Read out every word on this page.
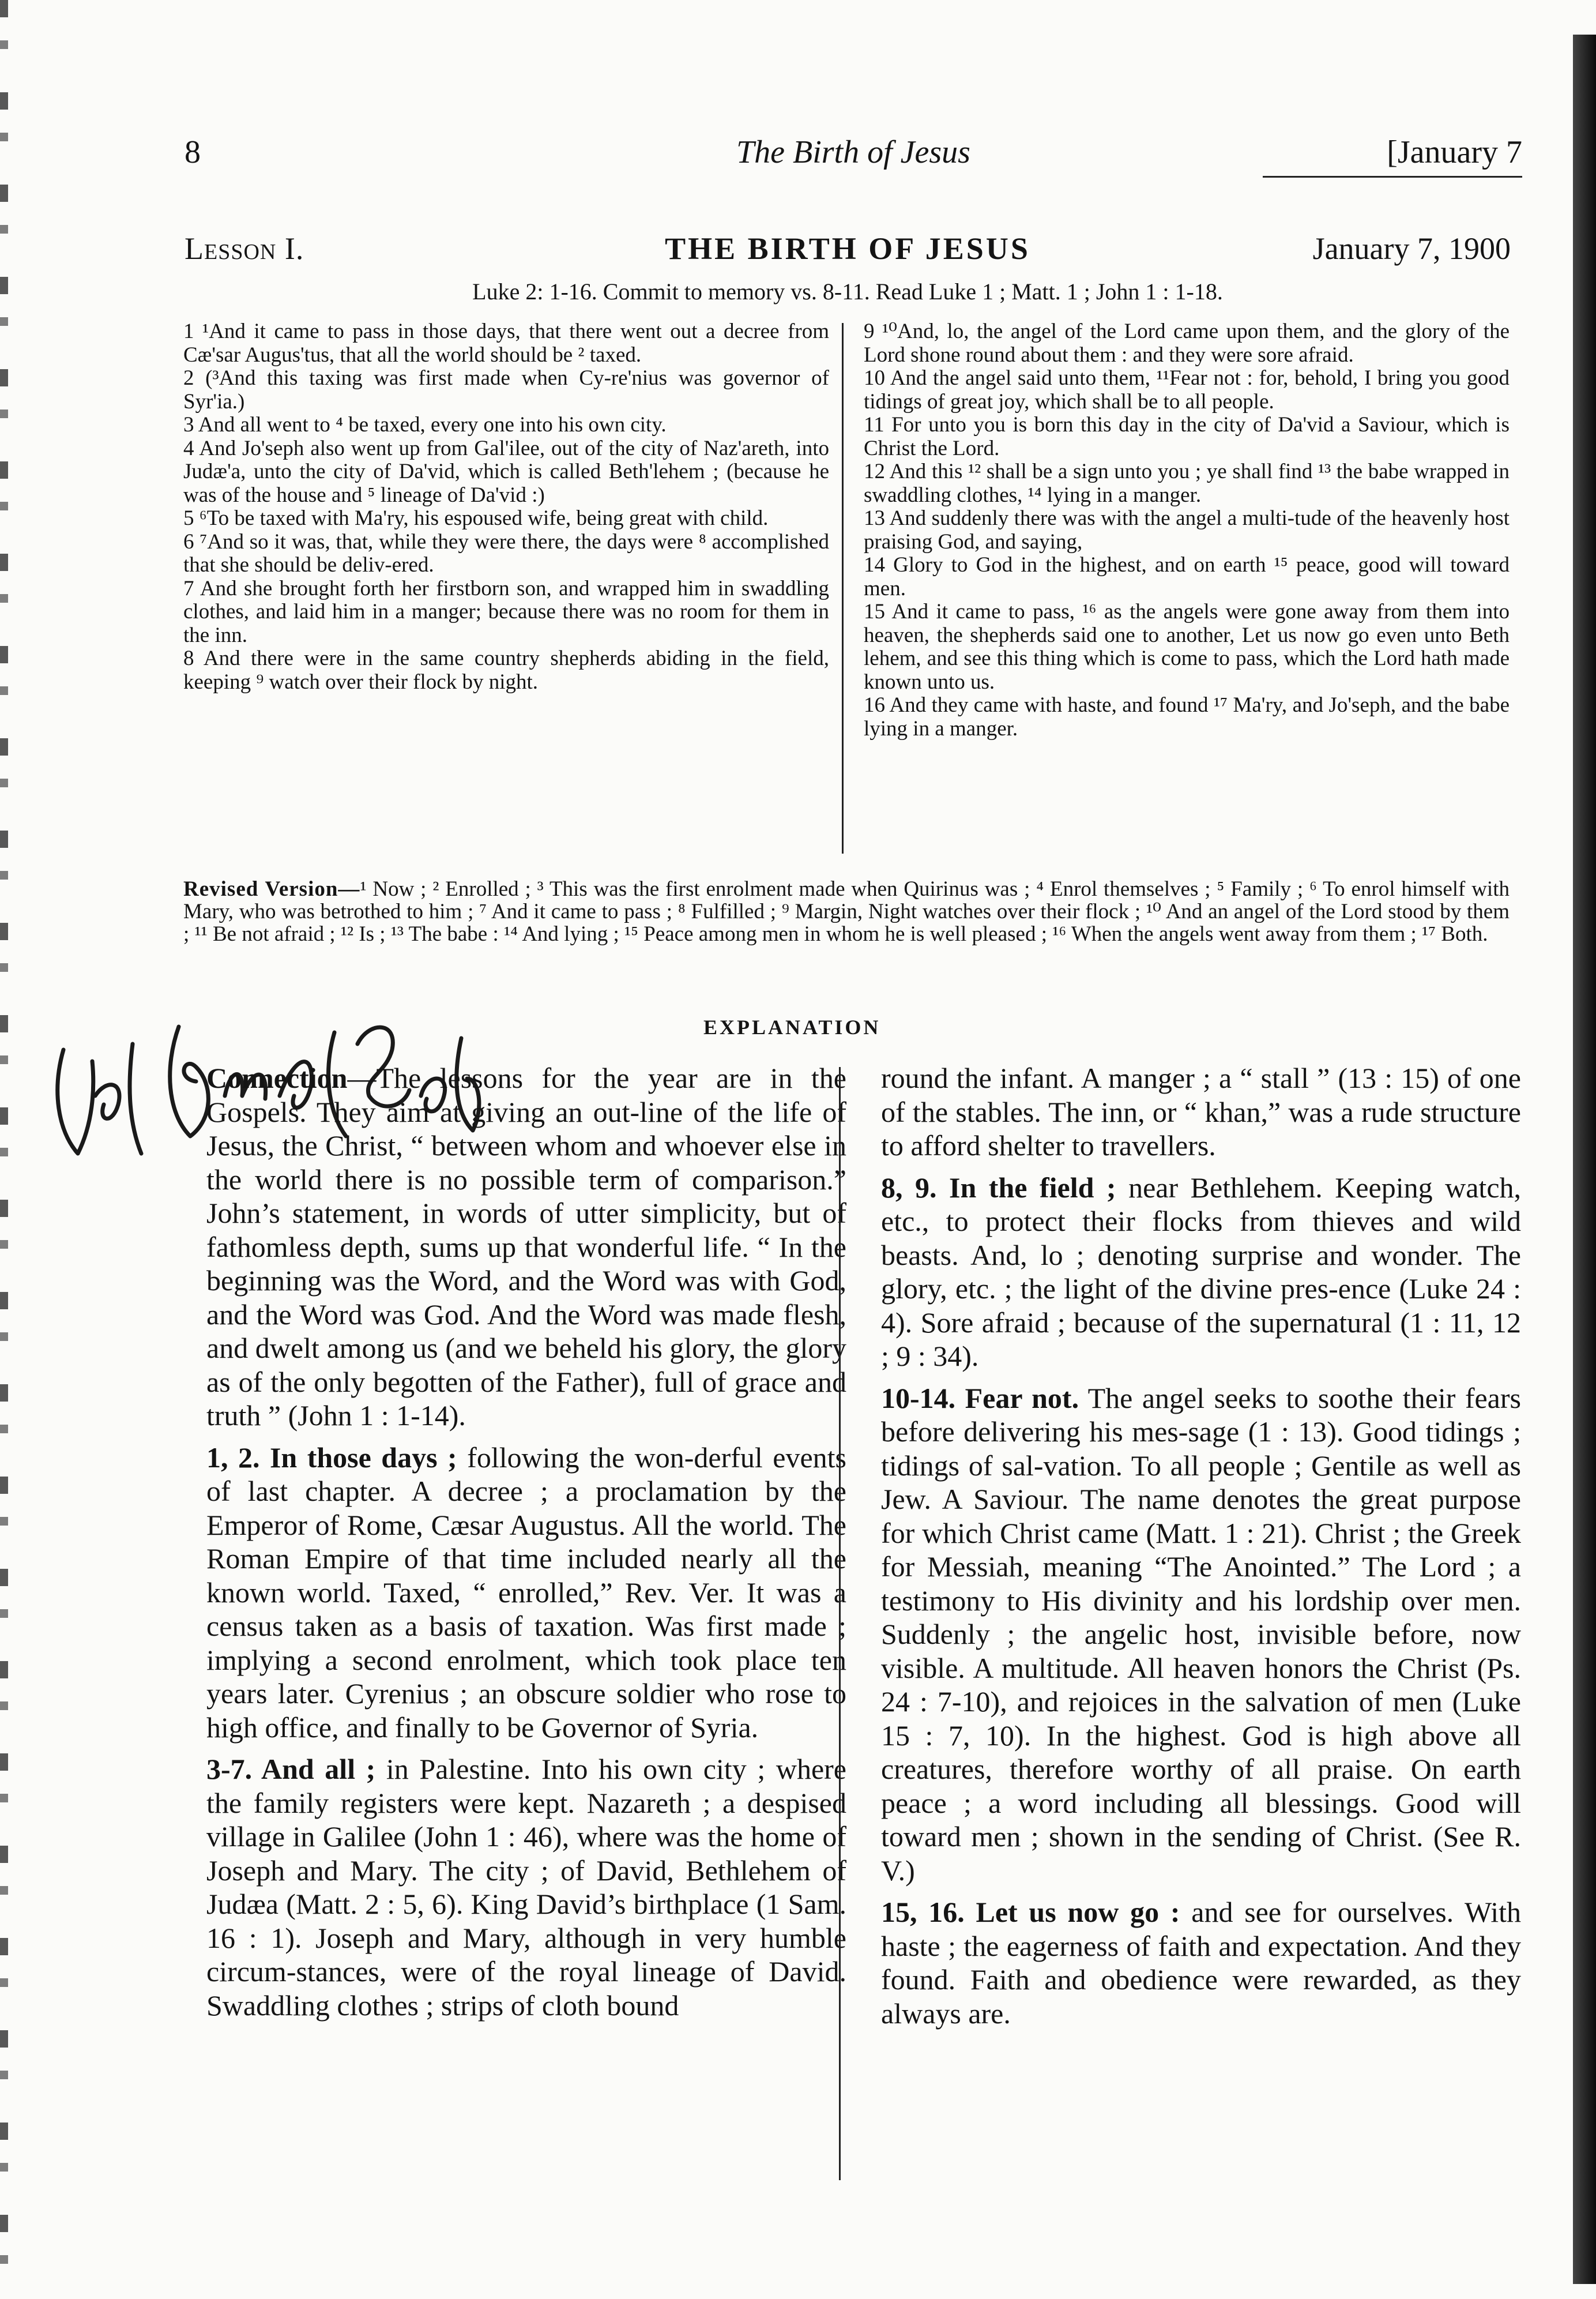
8	The Birth of Jesus	[January 7
Lesson I.	THE BIRTH OF JESUS	January 7, 1900
Luke 2: 1-16. Commit to memory vs. 8-11. Read Luke 1 ; Matt. 1 ; John 1 : 1-18.

1 ¹And it came to pass in those days, that there went out a decree from Cæ'sar Augus'tus, that all the world should be ² taxed.

2 (³And this taxing was first made when Cy-re'nius was governor of Syr'ia.)

3 And all went to ⁴ be taxed, every one into his own city.

4 And Jo'seph also went up from Gal'ilee, out of the city of Naz'areth, into Judæ'a, unto the city of Da'vid, which is called Beth'lehem ; (because he was of the house and ⁵ lineage of Da'vid :)

5 ⁶To be taxed with Ma'ry, his espoused wife, being great with child.

6 ⁷And so it was, that, while they were there, the days were ⁸ accomplished that she should be deliv-ered.

7 And she brought forth her firstborn son, and wrapped him in swaddling clothes, and laid him in a manger; because there was no room for them in the inn.

8 And there were in the same country shepherds abiding in the field, keeping ⁹ watch over their flock by night.

9 ¹⁰And, lo, the angel of the Lord came upon them, and the glory of the Lord shone round about them : and they were sore afraid.

10 And the angel said unto them, ¹¹Fear not : for, behold, I bring you good tidings of great joy, which shall be to all people.

11 For unto you is born this day in the city of Da'vid a Saviour, which is Christ the Lord.

12 And this ¹² shall be a sign unto you ; ye shall find ¹³ the babe wrapped in swaddling clothes, ¹⁴ lying in a manger.

13 And suddenly there was with the angel a multi-tude of the heavenly host praising God, and saying,

14 Glory to God in the highest, and on earth ¹⁵ peace, good will toward men.

15 And it came to pass, ¹⁶ as the angels were gone away from them into heaven, the shepherds said one to another, Let us now go even unto Beth lehem, and see this thing which is come to pass, which the Lord hath made known unto us.

16 And they came with haste, and found ¹⁷ Ma'ry, and Jo'seph, and the babe lying in a manger.

Revised Version—¹ Now ; ² Enrolled ; ³ This was the first enrolment made when Quirinus was ; ⁴ Enrol themselves ; ⁵ Family ; ⁶ To enrol himself with Mary, who was betrothed to him ; ⁷ And it came to pass ; ⁸ Fulfilled ; ⁹ Margin, Night watches over their flock ; ¹⁰ And an angel of the Lord stood by them ; ¹¹ Be not afraid ; ¹² Is ; ¹³ The babe : ¹⁴ And lying ; ¹⁵ Peace among men in whom he is well pleased ; ¹⁶ When the angels went away from them ; ¹⁷ Both.
EXPLANATION

Connection—The lessons for the year are in the Gospels. They aim at giving an out-line of the life of Jesus, the Christ, “ between whom and whoever else in the world there is no possible term of comparison.” John’s statement, in words of utter simplicity, but of fathomless depth, sums up that wonderful life. “ In the beginning was the Word, and the Word was with God, and the Word was God. And the Word was made flesh, and dwelt among us (and we beheld his glory, the glory as of the only begotten of the Father), full of grace and truth ” (John 1 : 1-14).

1, 2. In those days ; following the won-derful events of last chapter. A decree ; a proclamation by the Emperor of Rome, Cæsar Augustus. All the world. The Roman Empire of that time included nearly all the known world. Taxed, “ enrolled,” Rev. Ver. It was a census taken as a basis of taxation. Was first made ; implying a second enrolment, which took place ten years later. Cyrenius ; an obscure soldier who rose to high office, and finally to be Governor of Syria.

3-7. And all ; in Palestine. Into his own city ; where the family registers were kept. Nazareth ; a despised village in Galilee (John 1 : 46), where was the home of Joseph and Mary. The city ; of David, Bethlehem of Judæa (Matt. 2 : 5, 6). King David’s birthplace (1 Sam. 16 : 1). Joseph and Mary, although in very humble circum-stances, were of the royal lineage of David. Swaddling clothes ; strips of cloth bound

round the infant. A manger ; a “ stall ” (13 : 15) of one of the stables. The inn, or “ khan,” was a rude structure to afford shelter to travellers.

8, 9. In the field ; near Bethlehem. Keeping watch, etc., to protect their flocks from thieves and wild beasts. And, lo ; denoting surprise and wonder. The glory, etc. ; the light of the divine pres-ence (Luke 24 : 4). Sore afraid ; because of the supernatural (1 : 11, 12 ; 9 : 34).

10-14. Fear not. The angel seeks to soothe their fears before delivering his mes-sage (1 : 13). Good tidings ; tidings of sal-vation. To all people ; Gentile as well as Jew. A Saviour. The name denotes the great purpose for which Christ came (Matt. 1 : 21). Christ ; the Greek for Messiah, meaning “The Anointed.” The Lord ; a testimony to His divinity and his lordship over men. Suddenly ; the angelic host, invisible before, now visible. A multitude. All heaven honors the Christ (Ps. 24 : 7-10), and rejoices in the salvation of men (Luke 15 : 7, 10). In the highest. God is high above all creatures, therefore worthy of all praise. On earth peace ; a word including all blessings. Good will toward men ; shown in the sending of Christ. (See R. V.)

15, 16. Let us now go : and see for ourselves. With haste ; the eagerness of faith and expectation. And they found. Faith and obedience were rewarded, as they always are.
